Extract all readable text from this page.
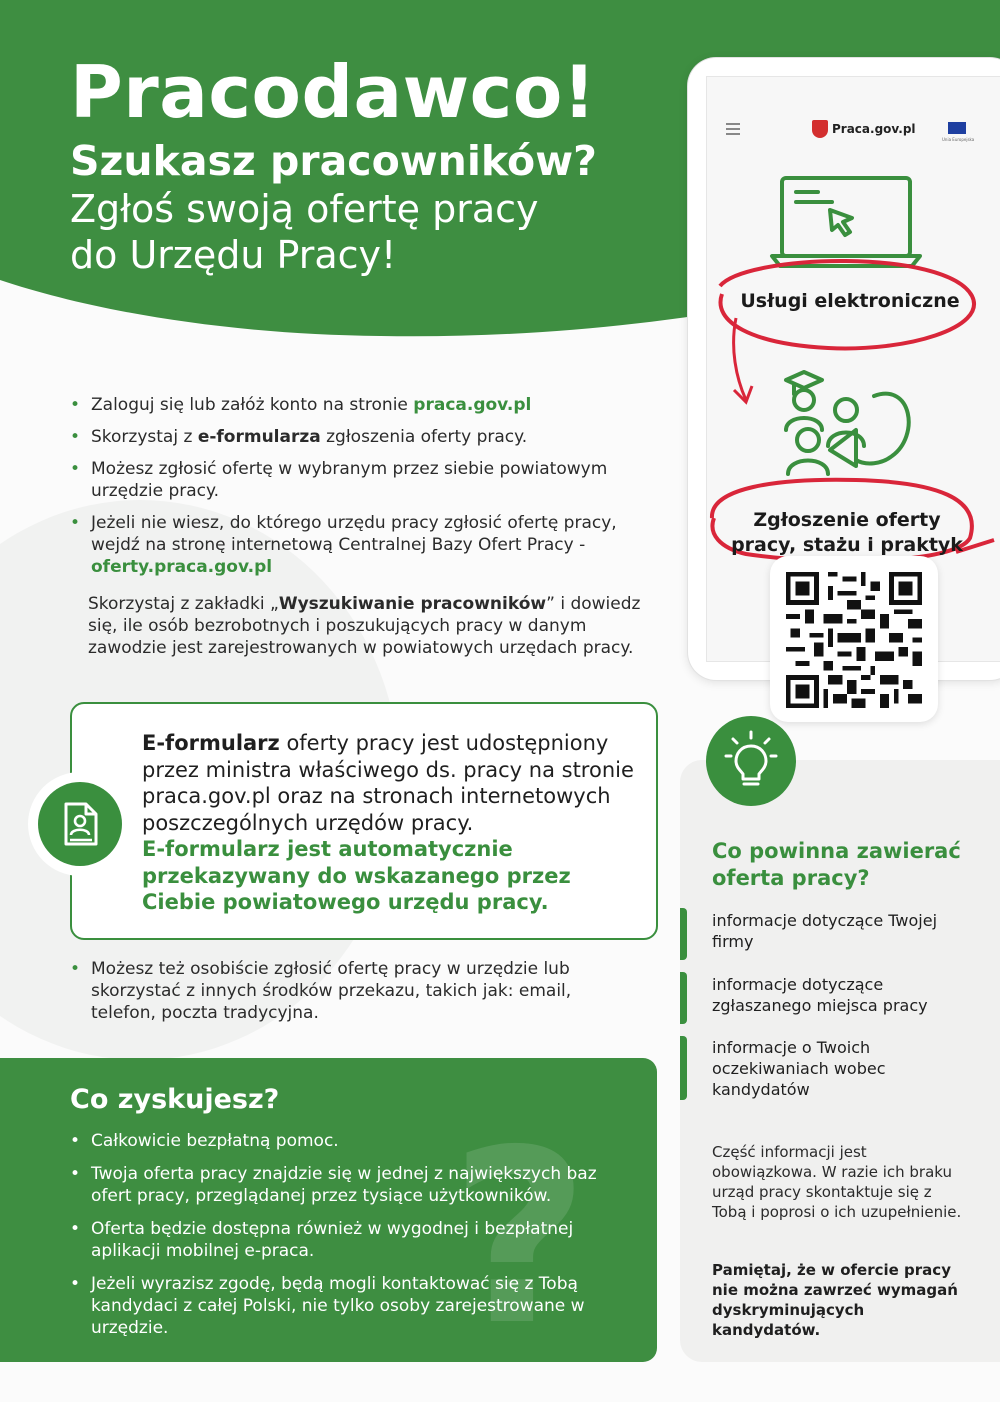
Pracodawco!
Szukasz pracowników?
Zgłoś swoją ofertę pracy
do Urzędu Pracy!
• Zaloguj się lub załóż konto na stronie praca.gov.pl
• Skorzystaj z e-formularza zgłoszenia oferty pracy.
• Możesz zgłosić ofertę w wybranym przez siebie powiatowym urzędzie pracy.
• Jeżeli nie wiesz, do którego urzędu pracy zgłosić ofertę pracy, wejdź na stronę internetową Centralnej Bazy Ofert Pracy - oferty.praca.gov.pl
Skorzystaj z zakładki „Wyszukiwanie pracowników” i dowiedz się, ile osób bezrobotnych i poszukujących pracy w danym zawodzie jest zarejestrowanych w powiatowych urzędach pracy.
E-formularz oferty pracy jest udostępniony przez ministra właściwego ds. pracy na stronie praca.gov.pl oraz na stronach internetowych poszczególnych urzędów pracy.
E-formularz jest automatycznie przekazywany do wskazanego przez Ciebie powiatowego urzędu pracy.
• Możesz też osobiście zgłosić ofertę pracy w urzędzie lub skorzystać z innych środków przekazu, takich jak: email, telefon, poczta tradycyjna.
?
Co zyskujesz?
• Całkowicie bezpłatną pomoc.
• Twoja oferta pracy znajdzie się w jednej z największych baz ofert pracy, przeglądanej przez tysiące użytkowników.
• Oferta będzie dostępna również w wygodnej i bezpłatnej aplikacji mobilnej e-praca.
• Jeżeli wyrazisz zgodę, będą mogli kontaktować się z Tobą kandydaci z całej Polski, nie tylko osoby zarejestrowane w urzędzie.
Praca.gov.pl
Unia Europejska
Usługi elektroniczne
Zgłoszenie oferty pracy, stażu i praktyk
Co powinna zawierać oferta pracy?
informacje dotyczące Twojej firmy
informacje dotyczące zgłaszanego miejsca pracy
informacje o Twoich oczekiwaniach wobec kandydatów
Część informacji jest obowiązkowa. W razie ich braku urząd pracy skontaktuje się z Tobą i poprosi o ich uzupełnienie.
Pamiętaj, że w ofercie pracy nie można zawrzeć wymagań dyskryminujących kandydatów.
